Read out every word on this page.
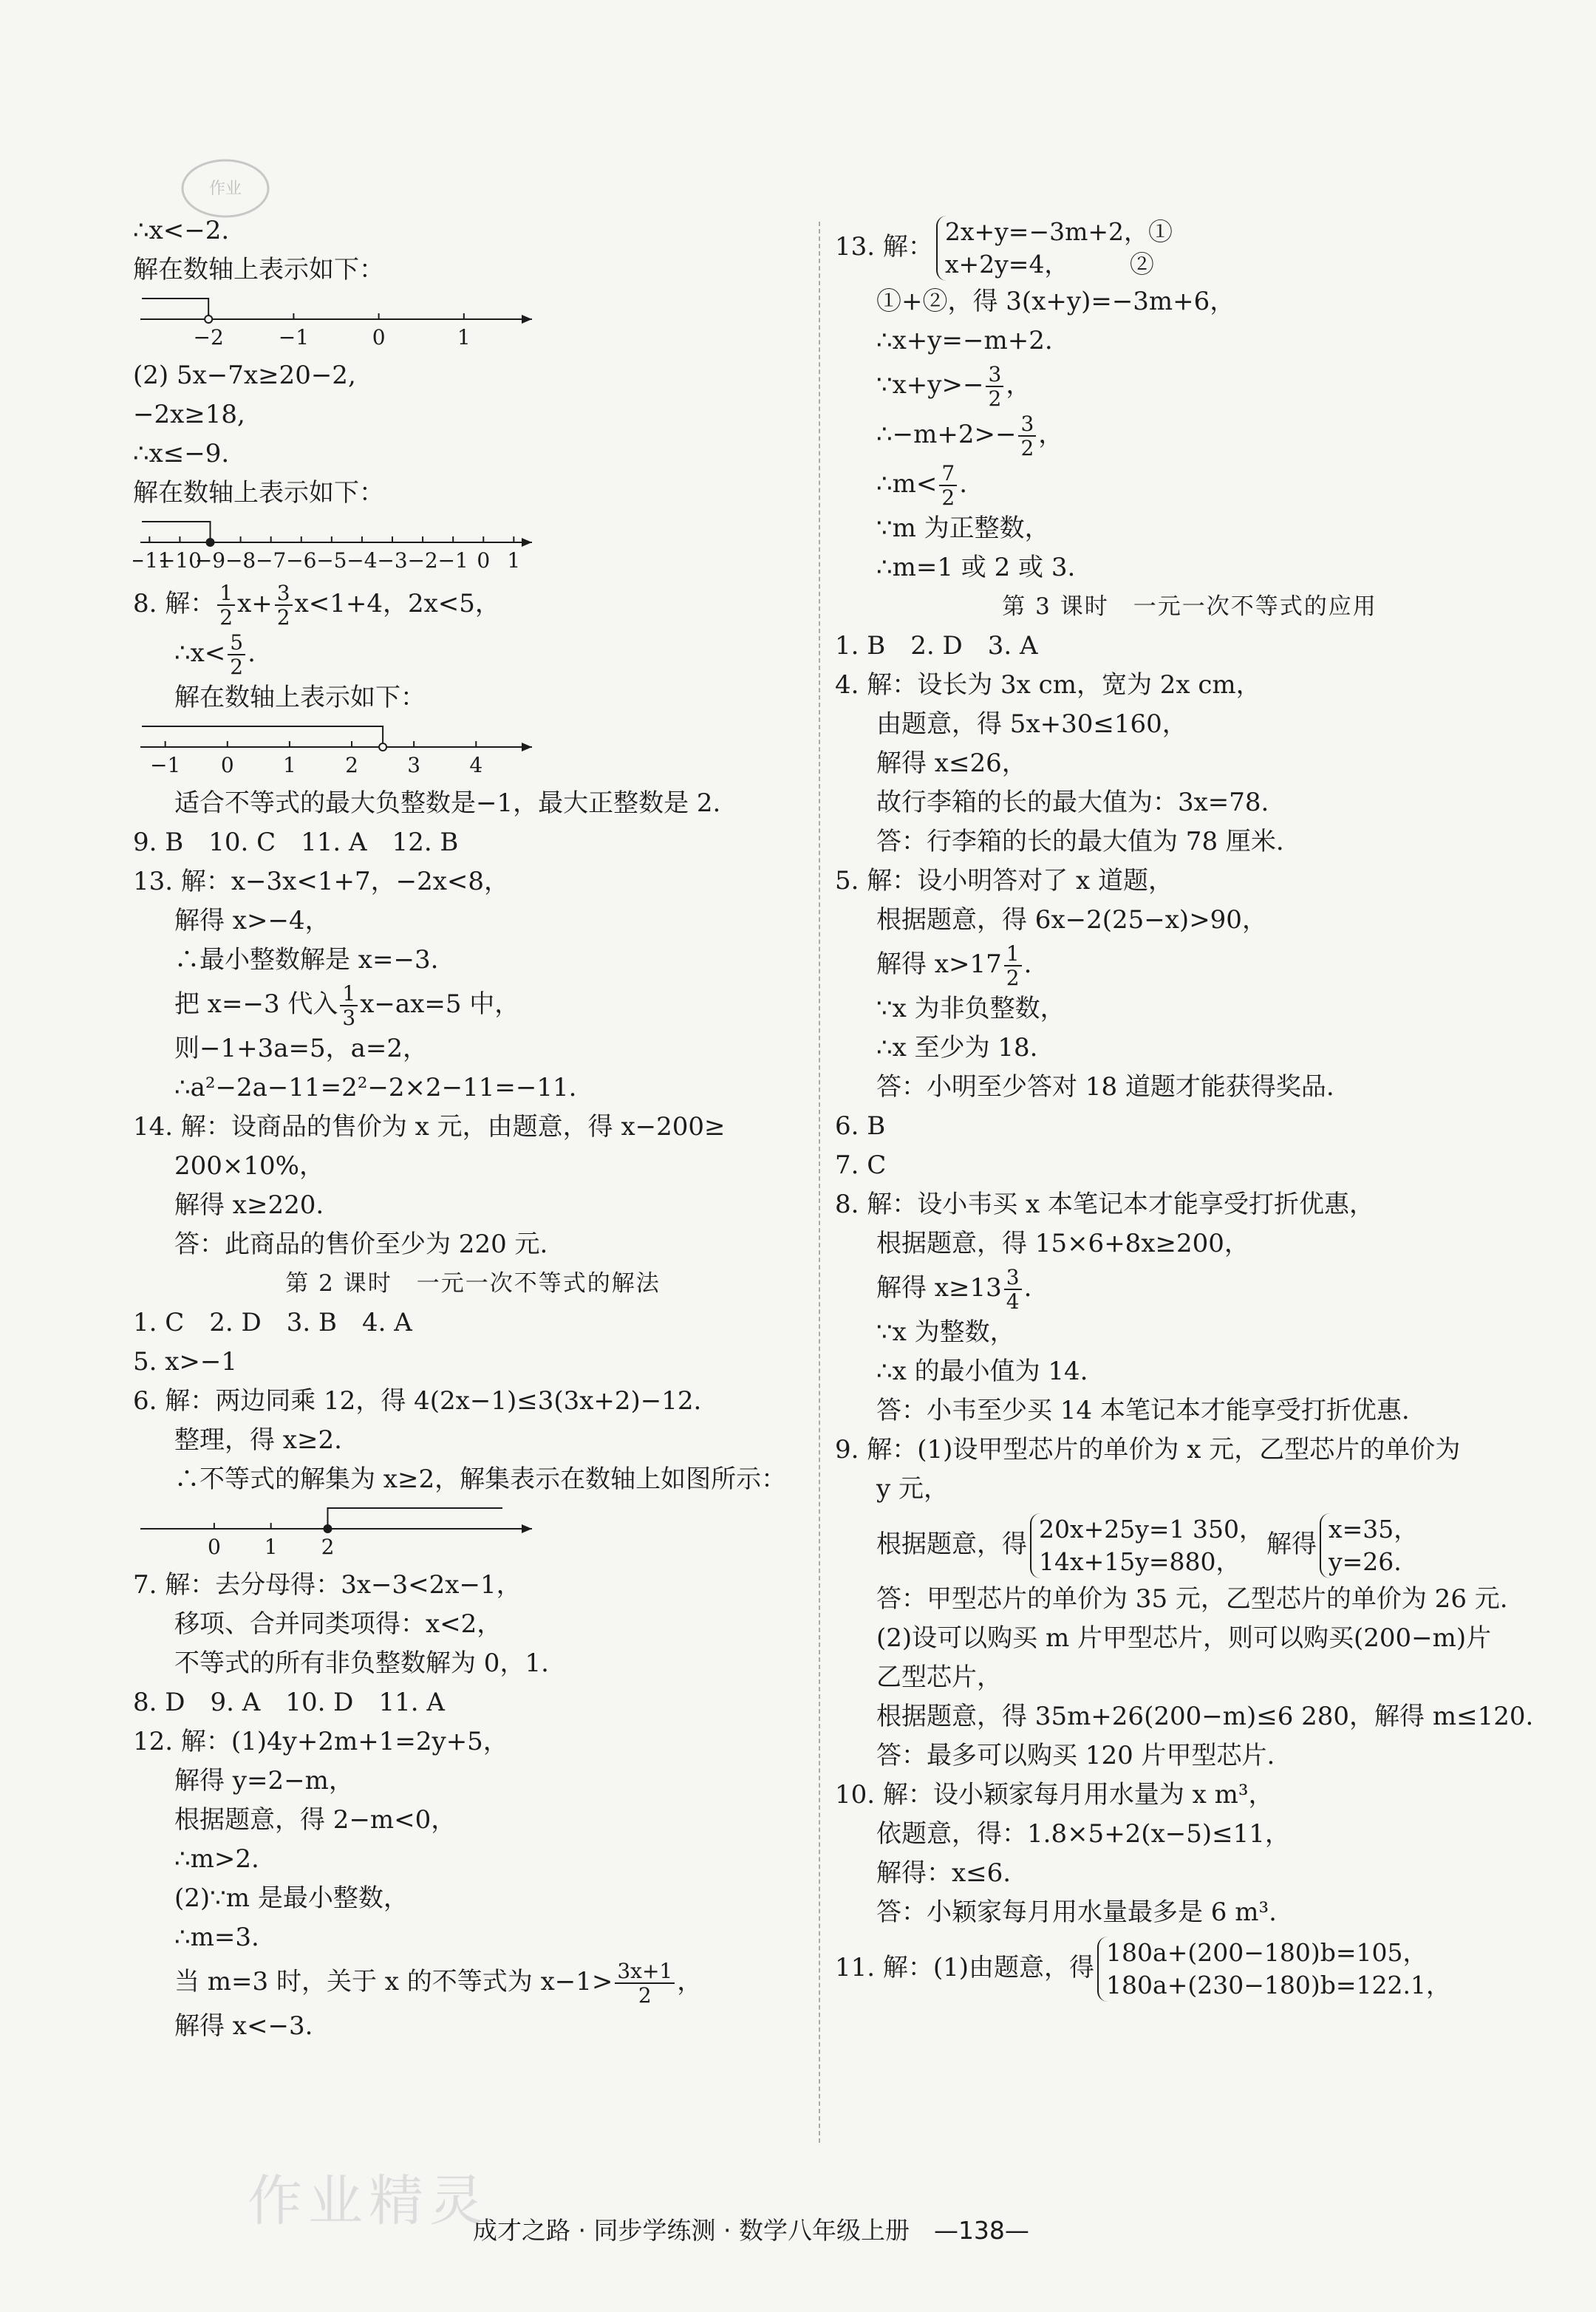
作业
∴x<−2.
解在数轴上表示如下：
−2	−1	0	1
(2) 5x−7x≥20−2,
−2x≥18,
∴x≤−9.
解在数轴上表示如下：
−11
−10
−9 −8 −7 −6 −5 −4 −3 −2 −1 0 1
8. 解： $\frac{1}{2} x+ \frac{3}{2} x<1+4$，2x<5，
∴x< $\frac{5}{2}$ .
解在数轴上表示如下：
−1 0 1 2 3 4
适合不等式的最大负整数是−1，最大正整数是 2.
9. B　10. C　11. A　12. B
13. 解：x−3x<1+7，−2x<8，
解得 x>−4，
∴最小整数解是 x=−3.
把 x=−3 代入 $\frac{1}{3} x-ax=5$ 中，
则−1+3a=5，a=2，
∴a²−2a−11=2²−2×2−11=−11.
14. 解：设商品的售价为 x 元，由题意，得 x−200≥
200×10%，
解得 x≥220.
答：此商品的售价至少为 220 元.
第 2 课时　一元一次不等式的解法
1. C　2. D　3. B　4. A
5. x>−1
6. 解：两边同乘 12，得 4(2x−1)≤3(3x+2)−12.
整理，得 x≥2.
∴不等式的解集为 x≥2，解集表示在数轴上如图所示：
0 1 2
7. 解：去分母得：3x−3<2x−1，
移项、合并同类项得：x<2，
不等式的所有非负整数解为 0，1.
8. D　9. A　10. D　11. A
12. 解：(1)4y+2m+1=2y+5，
解得 y=2−m，
根据题意，得 2−m<0，
∴m>2.
(2)∵m 是最小整数，
∴m=3.
当 m=3 时，关于 x 的不等式为 $x-1> \frac{3x+1}{2}$ ，
解得 x<−3.
13. 解：
2x+y=−3m+2，①
x+2y=4，　　　②
①+②，得 3(x+y)=−3m+6，
∴x+y=−m+2.
∵x+y>− $\frac{3}{2}$ ，
∴−m+2>− $\frac{3}{2}$ ，
∴m< $\frac{7}{2}$ .
∵m 为正整数，
∴m=1 或 2 或 3.
第 3 课时　一元一次不等式的应用
1. B　2. D　3. A
4. 解：设长为 3x cm，宽为 2x cm，
由题意，得 5x+30≤160，
解得 x≤26，
故行李箱的长的最大值为：3x=78.
答：行李箱的长的最大值为 78 厘米.
5. 解：设小明答对了 x 道题，
根据题意，得 6x−2(25−x)>90，
解得 $x>17 \frac{1}{2}$ .
∵x 为非负整数，
∴x 至少为 18.
答：小明至少答对 18 道题才能获得奖品.
6. B
7. C
8. 解：设小韦买 x 本笔记本才能享受打折优惠，
根据题意，得 15×6+8x≥200，
解得 $x\ge 13 \frac{3}{4}$ .
∵x 为整数，
∴x 的最小值为 14.
答：小韦至少买 14 本笔记本才能享受打折优惠.
9. 解：(1)设甲型芯片的单价为 x 元，乙型芯片的单价为
y 元，
根据题意，得
20x+25y=1 350，
14x+15y=880，
解得
x=35，
y=26.
答：甲型芯片的单价为 35 元，乙型芯片的单价为 26 元.
(2)设可以购买 m 片甲型芯片，则可以购买(200−m)片
乙型芯片，
根据题意，得 35m+26(200−m)≤6 280，解得 m≤120.
答：最多可以购买 120 片甲型芯片.
10. 解：设小颖家每月用水量为 x m³，
依题意，得：1.8×5+2(x−5)≤11，
解得：x≤6.
答：小颖家每月用水量最多是 6 m³.
11. 解：(1)由题意，得
180a+(200−180)b=105，
180a+(230−180)b=122.1，
作业精灵
成才之路 · 同步学练测 · 数学八年级上册　—138—
